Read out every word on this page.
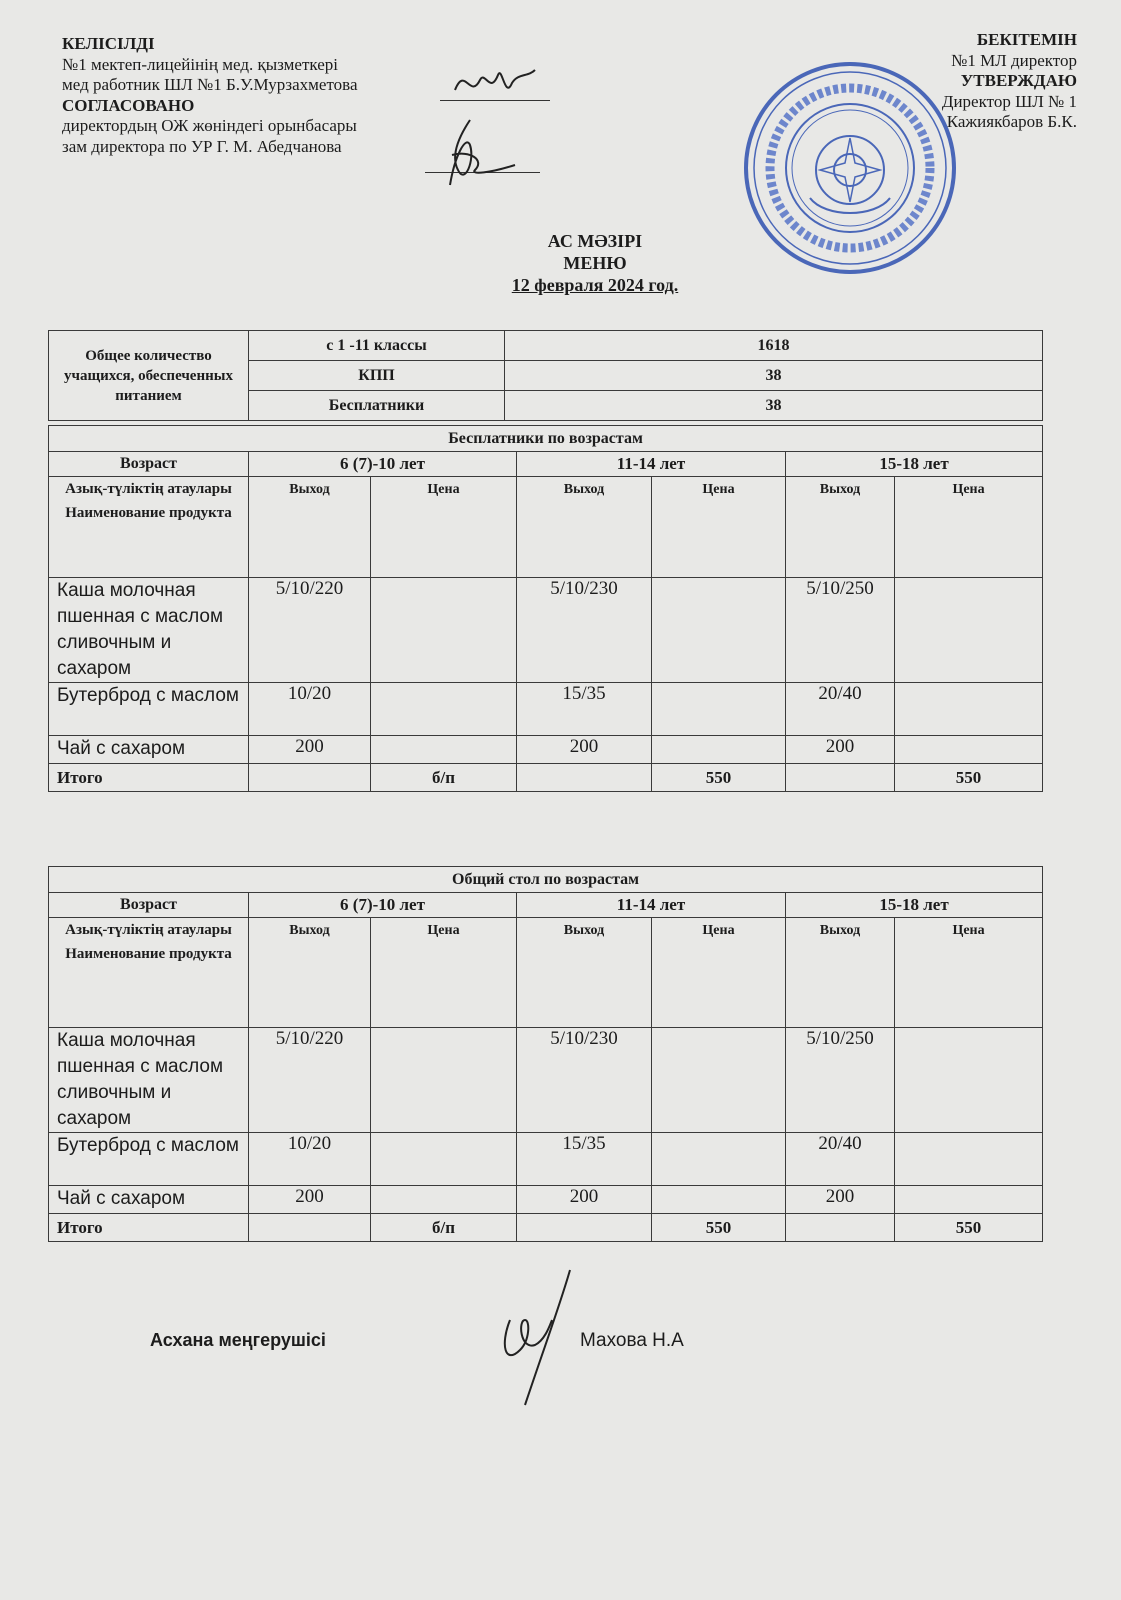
КЕЛІСІЛДІ
№1 мектеп-лицейінің мед. қызметкері
мед работник ШЛ №1 Б.У.Мурзахметова
СОГЛАСОВАНО
директордың ОЖ жөніндегі орынбасары
зам директора по УР Г. М. Абедчанова
БЕКІТЕМІН
№1 МЛ директор
УТВЕРЖДАЮ
Директор ШЛ № 1
Кажиякбаров Б.К.
АС МӘЗІРІ
МЕНЮ
12 февраля 2024 год.
Общее количество учащихся, обеспеченных питанием	с 1 -11 классы	1618
	КПП	38
	Бесплатники	38
Бесплатники по возрастам						
Возраст	6 (7)-10 лет		11-14 лет		15-18 лет	
Азық-түліктің атаулары Наименование продукта	Выход	Цена	Выход	Цена	Выход	Цена
Каша молочная пшенная с маслом сливочным и сахаром	5/10/220		5/10/230		5/10/250	
Бутерброд с маслом	10/20		15/35		20/40	
Чай с сахаром	200		200		200	
Итого		б/п		550		550
Общий стол по возрастам						
Возраст	6 (7)-10 лет		11-14 лет		15-18 лет	
Азық-түліктің атаулары Наименование продукта	Выход	Цена	Выход	Цена	Выход	Цена
Каша молочная пшенная с маслом сливочным и сахаром	5/10/220		5/10/230		5/10/250	
Бутерброд с маслом	10/20		15/35		20/40	
Чай с сахаром	200		200		200	
Итого		б/п		550		550
Асхана меңгерушісі	Махова Н.А
